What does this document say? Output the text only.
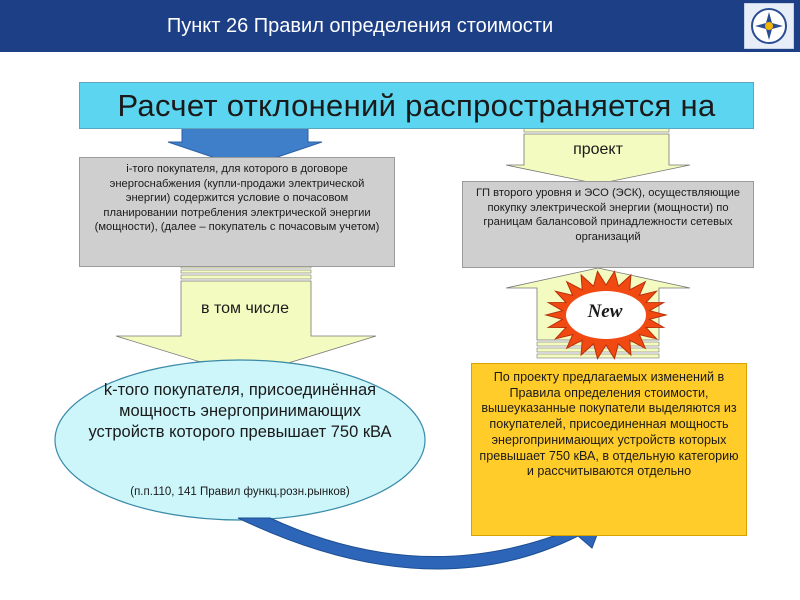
Пункт 26 Правил определения стоимости
Расчет отклонений распространяется на
i-того покупателя, для которого в договоре энергоснабжения (купли-продажи электрической энергии) содержится условие о почасовом планировании потребления электрической энергии (мощности), (далее – покупатель с почасовым учетом)
ГП второго уровня и ЭСО (ЭСК), осуществляющие покупку электрической энергии (мощности) по границам балансовой принадлежности сетевых организаций
проект
в том числе
k-того покупателя, присоединённая мощность энергопринимающих устройств которого превышает 750 кВА
(п.п.110, 141 Правил функц.розн.рынков)
По проекту предлагаемых изменений в Правила определения стоимости, вышеуказанные покупатели выделяются из покупателей, присоединенная мощность энергопринимающих устройств которых превышает 750 кВА, в отдельную категорию и рассчитываются отдельно
New
